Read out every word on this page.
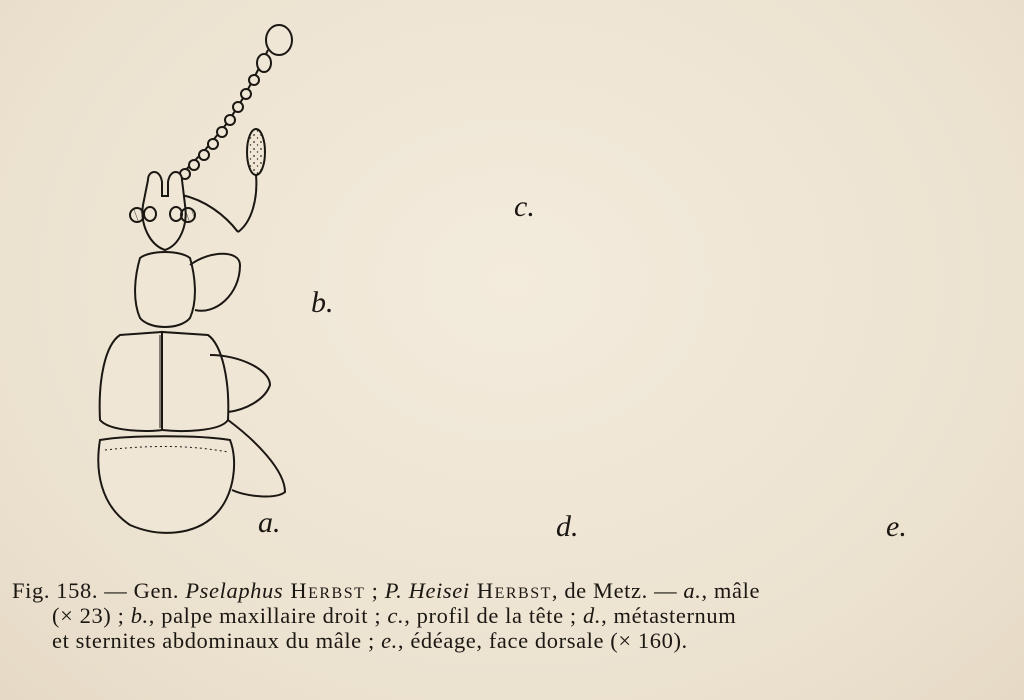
a.
b.
c.
d.	e.
Fig. 158. — Gen. Pselaphus Herbst ; P. Heisei Herbst, de Metz. — a., mâle
(× 23) ; b., palpe maxillaire droit ; c., profil de la tête ; d., métasternum
et sternites abdominaux du mâle ; e., édéage, face dorsale (× 160).
